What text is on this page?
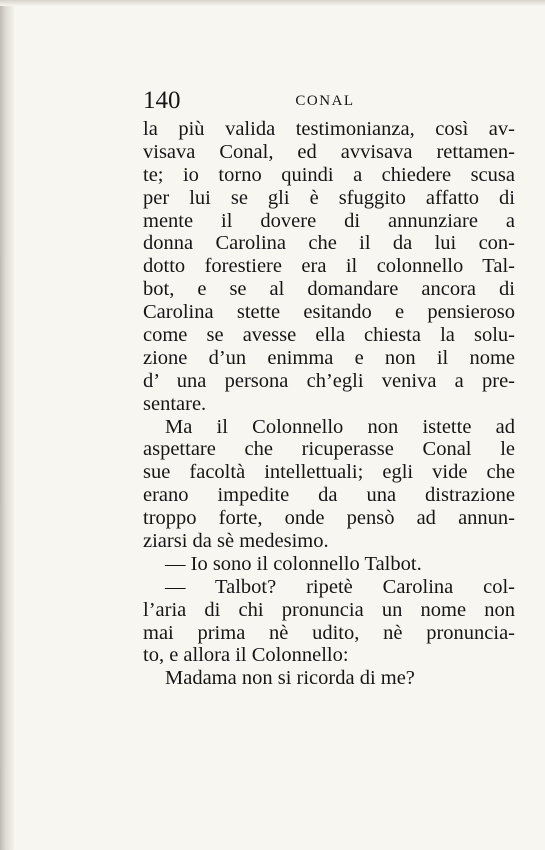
140	CONAL
la più valida testimonianza, così av-
visava Conal, ed avvisava rettamen-
te; io torno quindi a chiedere scusa
per lui se gli è sfuggito affatto di
mente il dovere di annunziare a
donna Carolina che il da lui con-
dotto forestiere era il colonnello Tal-
bot, e se al domandare ancora di
Carolina stette esitando e pensieroso
come se avesse ella chiesta la solu-
zione d’un enimma e non il nome
d’ una persona ch’egli veniva a pre-
sentare.
Ma il Colonnello non istette ad
aspettare che ricuperasse Conal le
sue facoltà intellettuali; egli vide che
erano impedite da una distrazione
troppo forte, onde pensò ad annun-
ziarsi da sè medesimo.
— Io sono il colonnello Talbot.
— Talbot? ripetè Carolina col-
l’aria di chi pronuncia un nome non
mai prima nè udito, nè pronuncia-
to, e allora il Colonnello:
Madama non si ricorda di me?
